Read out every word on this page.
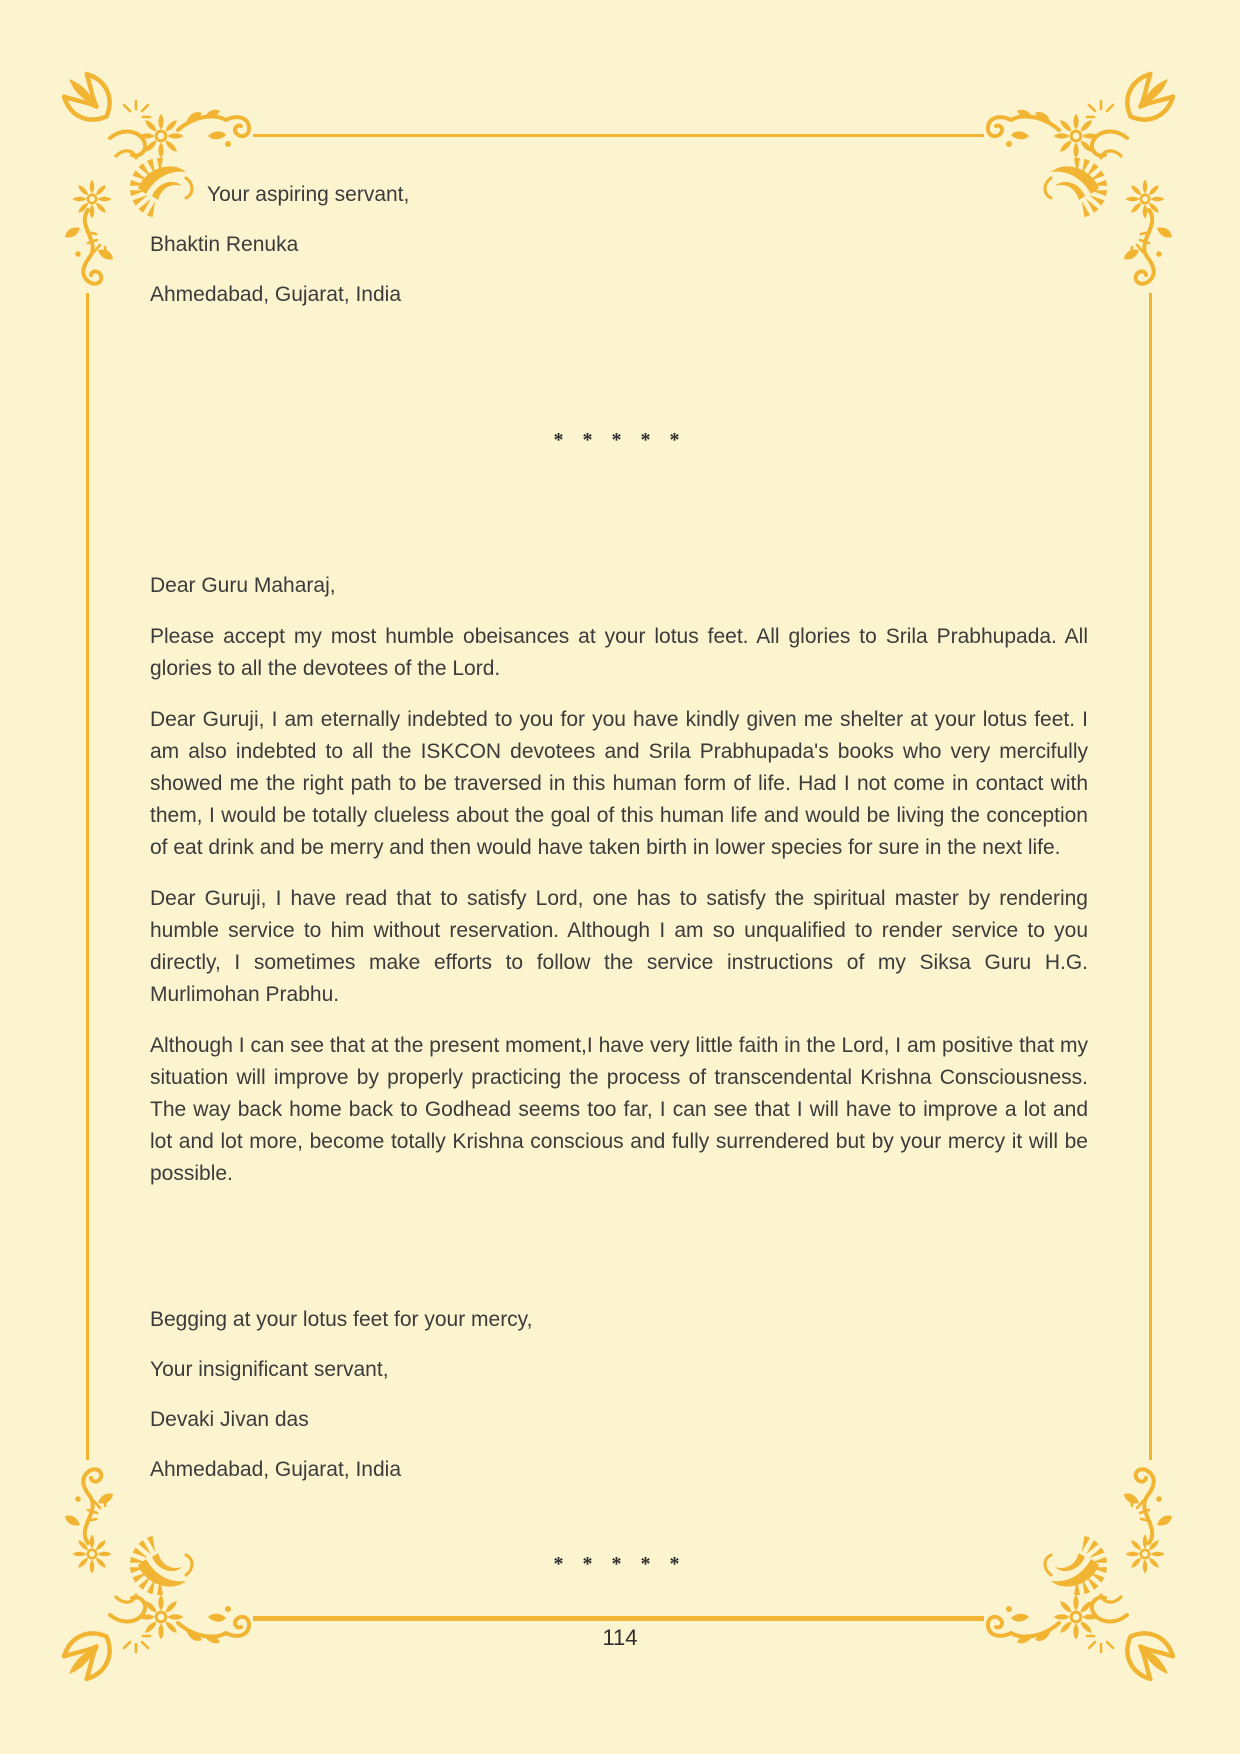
Your aspiring servant,

Bhaktin Renuka

Ahmedabad, Gujarat, India

* * * * *

Dear Guru Maharaj,

Please accept my most humble obeisances at your lotus feet. All glories to Srila Prabhupada. All glories to all the devotees of the Lord.

Dear Guruji, I am eternally indebted to you for you have kindly given me shelter at your lotus feet. I am also indebted to all the ISKCON devotees and Srila Prabhupada's books who very mercifully showed me the right path to be traversed in this human form of life. Had I not come in contact with them, I would be totally clueless about the goal of this human life and would be living the conception of eat drink and be merry and then would have taken birth in lower species for sure in the next life.

Dear Guruji, I have read that to satisfy Lord, one has to satisfy the spiritual master by rendering humble service to him without reservation. Although I am so unqualified to render service to you directly, I sometimes make efforts to follow the service instructions of my Siksa Guru H.G. Murlimohan Prabhu.

Although I can see that at the present moment,I have very little faith in the Lord, I am positive that my situation will improve by properly practicing the process of transcendental Krishna Consciousness. The way back home back to Godhead seems too far, I can see that I will have to improve a lot and lot and lot more, become totally Krishna conscious and fully surrendered but by your mercy it will be possible.

Begging at your lotus feet for your mercy,

Your insignificant servant,

Devaki Jivan das

Ahmedabad, Gujarat, India

* * * * *

114
